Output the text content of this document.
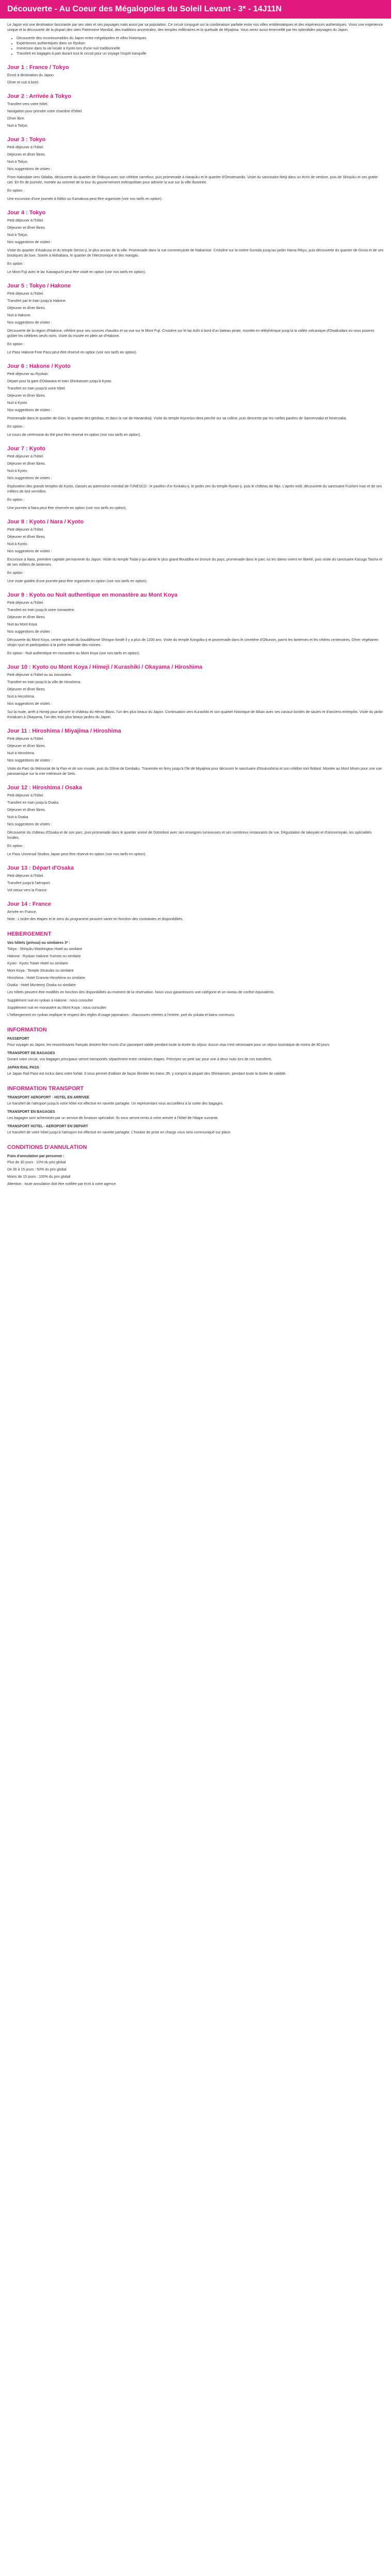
Découverte - Au Coeur des Mégalopoles du Soleil Levant - 3* - 14J11N

Le Japon est une destination fascinante par ses sites et ses paysages mais aussi par sa population. Ce circuit conjugué sur la combinaison parfaite entre nos villes emblématiques et des expériences authentiques. Vivez une expérience unique et la découverte de la plupart des sites Patrimoine Mondial, des traditions ancestrales, des temples millénaires et la quiétude de Miyajima. Vous serez aussi émerveillé par les splendides paysages du Japon.

• Découverte des incontournables du Japon entre mégalopoles et villes historiques
• Expériences authentiques dans un Ryokan
• Immersion dans la vie locale à Kyoto lors d'une nuit traditionnelle
• Transfert en bagages à part durant tout le circuit pour un voyage l'esprit tranquille
Jour 1 : France / Tokyo
Envol à destination du Japon.
Dîner et nuit à bord.
Jour 2 : Arrivée à Tokyo
Transfert vers votre hôtel.
Navigation pour prendre votre chambre d'hôtel.
Dîner libre.
Nuit à Tokyo.
Jour 3 : Tokyo
Petit déjeuner à l'hôtel.
Déjeuner et dîner libres.
Nuit à Tokyo.

Nos suggestions de visites :

From Hakodate vers Odaiba, découverte du quartier de Shibuya avec son célèbre carrefour, puis promenade à Harajuku et le quartier d'Omotesando. Visite du sanctuaire Meiji dans un écrin de verdure, puis de Shinjuku et ses gratte-ciel. En fin de journée, montée au sommet de la tour du gouvernement métropolitain pour admirer la vue sur la ville illuminée.

En option :

Une excursion d'une journée à Nikko ou Kamakura peut être organisée (voir nos tarifs en option).

Jour 4 : Tokyo
Petit déjeuner à l'hôtel.
Déjeuner et dîner libres.
Nuit à Tokyo.

Nos suggestions de visites :

Visite du quartier d'Asakusa et du temple Senso-ji, le plus ancien de la ville. Promenade dans la rue commerçante de Nakamise. Croisière sur la rivière Sumida jusqu'au jardin Hama Rikyu, puis découverte du quartier de Ginza et de ses boutiques de luxe. Soirée à Akihabara, le quartier de l'électronique et des mangas.

En option :

Le Mont Fuji avec le lac Kawaguchi peut être visité en option (voir nos tarifs en option).

Jour 5 : Tokyo / Hakone
Petit déjeuner à l'hôtel.
Transfert par le train jusqu'à Hakone.
Déjeuner et dîner libres.
Nuit à Hakone.

Nos suggestions de visites :

Découverte de la région d'Hakone, célèbre pour ses sources chaudes et sa vue sur le Mont Fuji. Croisière sur le lac Ashi à bord d'un bateau pirate, montée en téléphérique jusqu'à la vallée volcanique d'Owakudani où vous pourrez goûter les célèbres oeufs noirs. Visite du musée en plein air d'Hakone.

En option :

Le Pass Hakone Free Pass peut être réservé en option (voir nos tarifs en option).

Jour 6 : Hakone / Kyoto
Petit déjeuner au Ryokan.
Départ pour la gare d'Odawara et train Shinkansen jusqu'à Kyoto.
Transfert en train jusqu'à votre hôtel.
Déjeuner et dîner libres.
Nuit à Kyoto.

Nos suggestions de visites :

Promenade dans le quartier de Gion, le quartier des geishas, et dans la rue de Hanamikoji. Visite du temple Kiyomizu-dera perché sur sa colline, puis descente par les ruelles pavées de Sannenzaka et Ninenzaka.

En option :

Le cours de cérémonie du thé peut être réservé en option (voir nos tarifs en option).

Jour 7 : Kyoto
Petit déjeuner à l'hôtel.
Déjeuner et dîner libres.
Nuit à Kyoto.

Nos suggestions de visites :

Exploration des grands temples de Kyoto, classés au patrimoine mondial de l'UNESCO : le pavillon d'or Kinkaku-ji, le jardin zen du temple Ryoan-ji, puis le château de Nijo. L'après-midi, découverte du sanctuaire Fushimi Inari et de ses milliers de torii vermillon.

En option :

Une journée à Nara peut être réservée en option (voir nos tarifs en option).

Jour 8 : Kyoto / Nara / Kyoto
Petit déjeuner à l'hôtel.
Déjeuner et dîner libres.
Nuit à Kyoto.

Nos suggestions de visites :

Excursion à Nara, première capitale permanente du Japon. Visite du temple Todai-ji qui abrite le plus grand Bouddha en bronze du pays, promenade dans le parc où les daims vivent en liberté, puis visite du sanctuaire Kasuga Taisha et de ses milliers de lanternes.

En option :

Une visite guidée d'une journée peut être organisée en option (voir nos tarifs en option).

Jour 9 : Kyoto ou Nuit authentique en monastère au Mont Koya
Petit déjeuner à l'hôtel.
Transfert en train jusqu'à votre monastère.
Déjeuner et dîner libres.
Nuit au Mont Koya.

Nos suggestions de visites :

Découverte du Mont Koya, centre spirituel du bouddhisme Shingon fondé il y a plus de 1200 ans. Visite du temple Kongobu-ji et promenade dans le cimetière d'Okunoin, parmi les lanternes et les cèdres centenaires. Dîner végétarien shojin ryori et participation à la prière matinale des moines.

En option : Nuit authentique en monastère au Mont Koya (voir nos tarifs en option).

Jour 10 : Kyoto ou Mont Koya / Himeji / Kurashiki / Okayama / Hiroshima
Petit déjeuner à l'hôtel ou au monastère.
Transfert en train jusqu'à la ville de Hiroshima.
Déjeuner et dîner libres.
Nuit à Hiroshima.

Nos suggestions de visites :

Sur la route, arrêt à Himeji pour admirer le château du Héron Blanc, l'un des plus beaux du Japon. Continuation vers Kurashiki et son quartier historique de Bikan avec ses canaux bordés de saules et d'anciens entrepôts. Visite du jardin Korakuen à Okayama, l'un des trois plus beaux jardins du Japon.

Jour 11 : Hiroshima / Miyajima / Hiroshima
Petit déjeuner à l'hôtel.
Déjeuner et dîner libres.
Nuit à Hiroshima.

Nos suggestions de visites :

Visite du Parc du Mémorial de la Paix et de son musée, puis du Dôme de Genbaku. Traversée en ferry jusqu'à l'île de Miyajima pour découvrir le sanctuaire d'Itsukushima et son célèbre torii flottant. Montée au Mont Misen pour une vue panoramique sur la mer intérieure de Seto.

Jour 12 : Hiroshima / Osaka
Petit déjeuner à l'hôtel.
Transfert en train jusqu'à Osaka.
Déjeuner et dîner libres.
Nuit à Osaka.

Nos suggestions de visites :

Découverte du château d'Osaka et de son parc, puis promenade dans le quartier animé de Dotonbori avec ses enseignes lumineuses et ses nombreux restaurants de rue. Dégustation de takoyaki et d'okonomiyaki, les spécialités locales.

En option :

Le Pass Universal Studios Japan peut être réservé en option (voir nos tarifs en option).

Jour 13 : Départ d'Osaka
Petit déjeuner à l'hôtel.
Transfert jusqu'à l'aéroport.
Vol retour vers la France.
Jour 14 : France
Arrivée en France.

Note : L'ordre des étapes et le sens du programme peuvent varier en fonction des contraintes et disponibilités.

HEBERGEMENT
Vos hôtels (prévus) ou similaires 3* :
Tokyo : Shinjuku Washington Hotel ou similaire
Hakone : Ryokan Hakone Yumoto ou similaire
Kyoto : Kyoto Tower Hotel ou similaire
Mont Koya : Temple Shukubo ou similaire
Hiroshima : Hotel Granvia Hiroshima ou similaire
Osaka : Hotel Monterey Osaka ou similaire

Les hôtels peuvent être modifiés en fonction des disponibilités au moment de la réservation. Nous vous garantissons une catégorie et un niveau de confort équivalents.

Supplément nuit en ryokan à Hakone : nous consulter
Supplément nuit en monastère au Mont Koya : nous consulter

L'hébergement en ryokan implique le respect des règles d'usage japonaises : chaussures retirées à l'entrée, port du yukata et bains communs.

INFORMATION
PASSEPORT

Pour voyager au Japon, les ressortissants français doivent être munis d'un passeport valide pendant toute la durée du séjour. Aucun visa n'est nécessaire pour un séjour touristique de moins de 90 jours.

TRANSPORT DE BAGAGES

Durant votre circuit, vos bagages principaux seront transportés séparément entre certaines étapes. Prévoyez un petit sac pour une à deux nuits lors de ces transferts.

JAPAN RAIL PASS

Le Japan Rail Pass est inclus dans votre forfait. Il vous permet d'utiliser de façon illimitée les trains JR, y compris la plupart des Shinkansen, pendant toute la durée de validité.

INFORMATION TRANSPORT
TRANSPORT AEROPORT - HOTEL EN ARRIVEE

Le transfert de l'aéroport jusqu'à votre hôtel est effectué en navette partagée. Un représentant vous accueillera à la sortie des bagages.

TRANSPORT EN BAGAGES

Les bagages sont acheminés par un service de livraison spécialisé. Ils vous seront remis à votre arrivée à l'hôtel de l'étape suivante.

TRANSPORT HOTEL - AEROPORT EN DEPART

Le transfert de votre hôtel jusqu'à l'aéroport est effectué en navette partagée. L'horaire de prise en charge vous sera communiqué sur place.

CONDITIONS D'ANNULATION
Frais d'annulation par personne :
Plus de 30 jours : 10% du prix global
De 30 à 15 jours : 50% du prix global
Moins de 15 jours : 100% du prix global

Attention : toute annulation doit être notifiée par écrit à votre agence.
